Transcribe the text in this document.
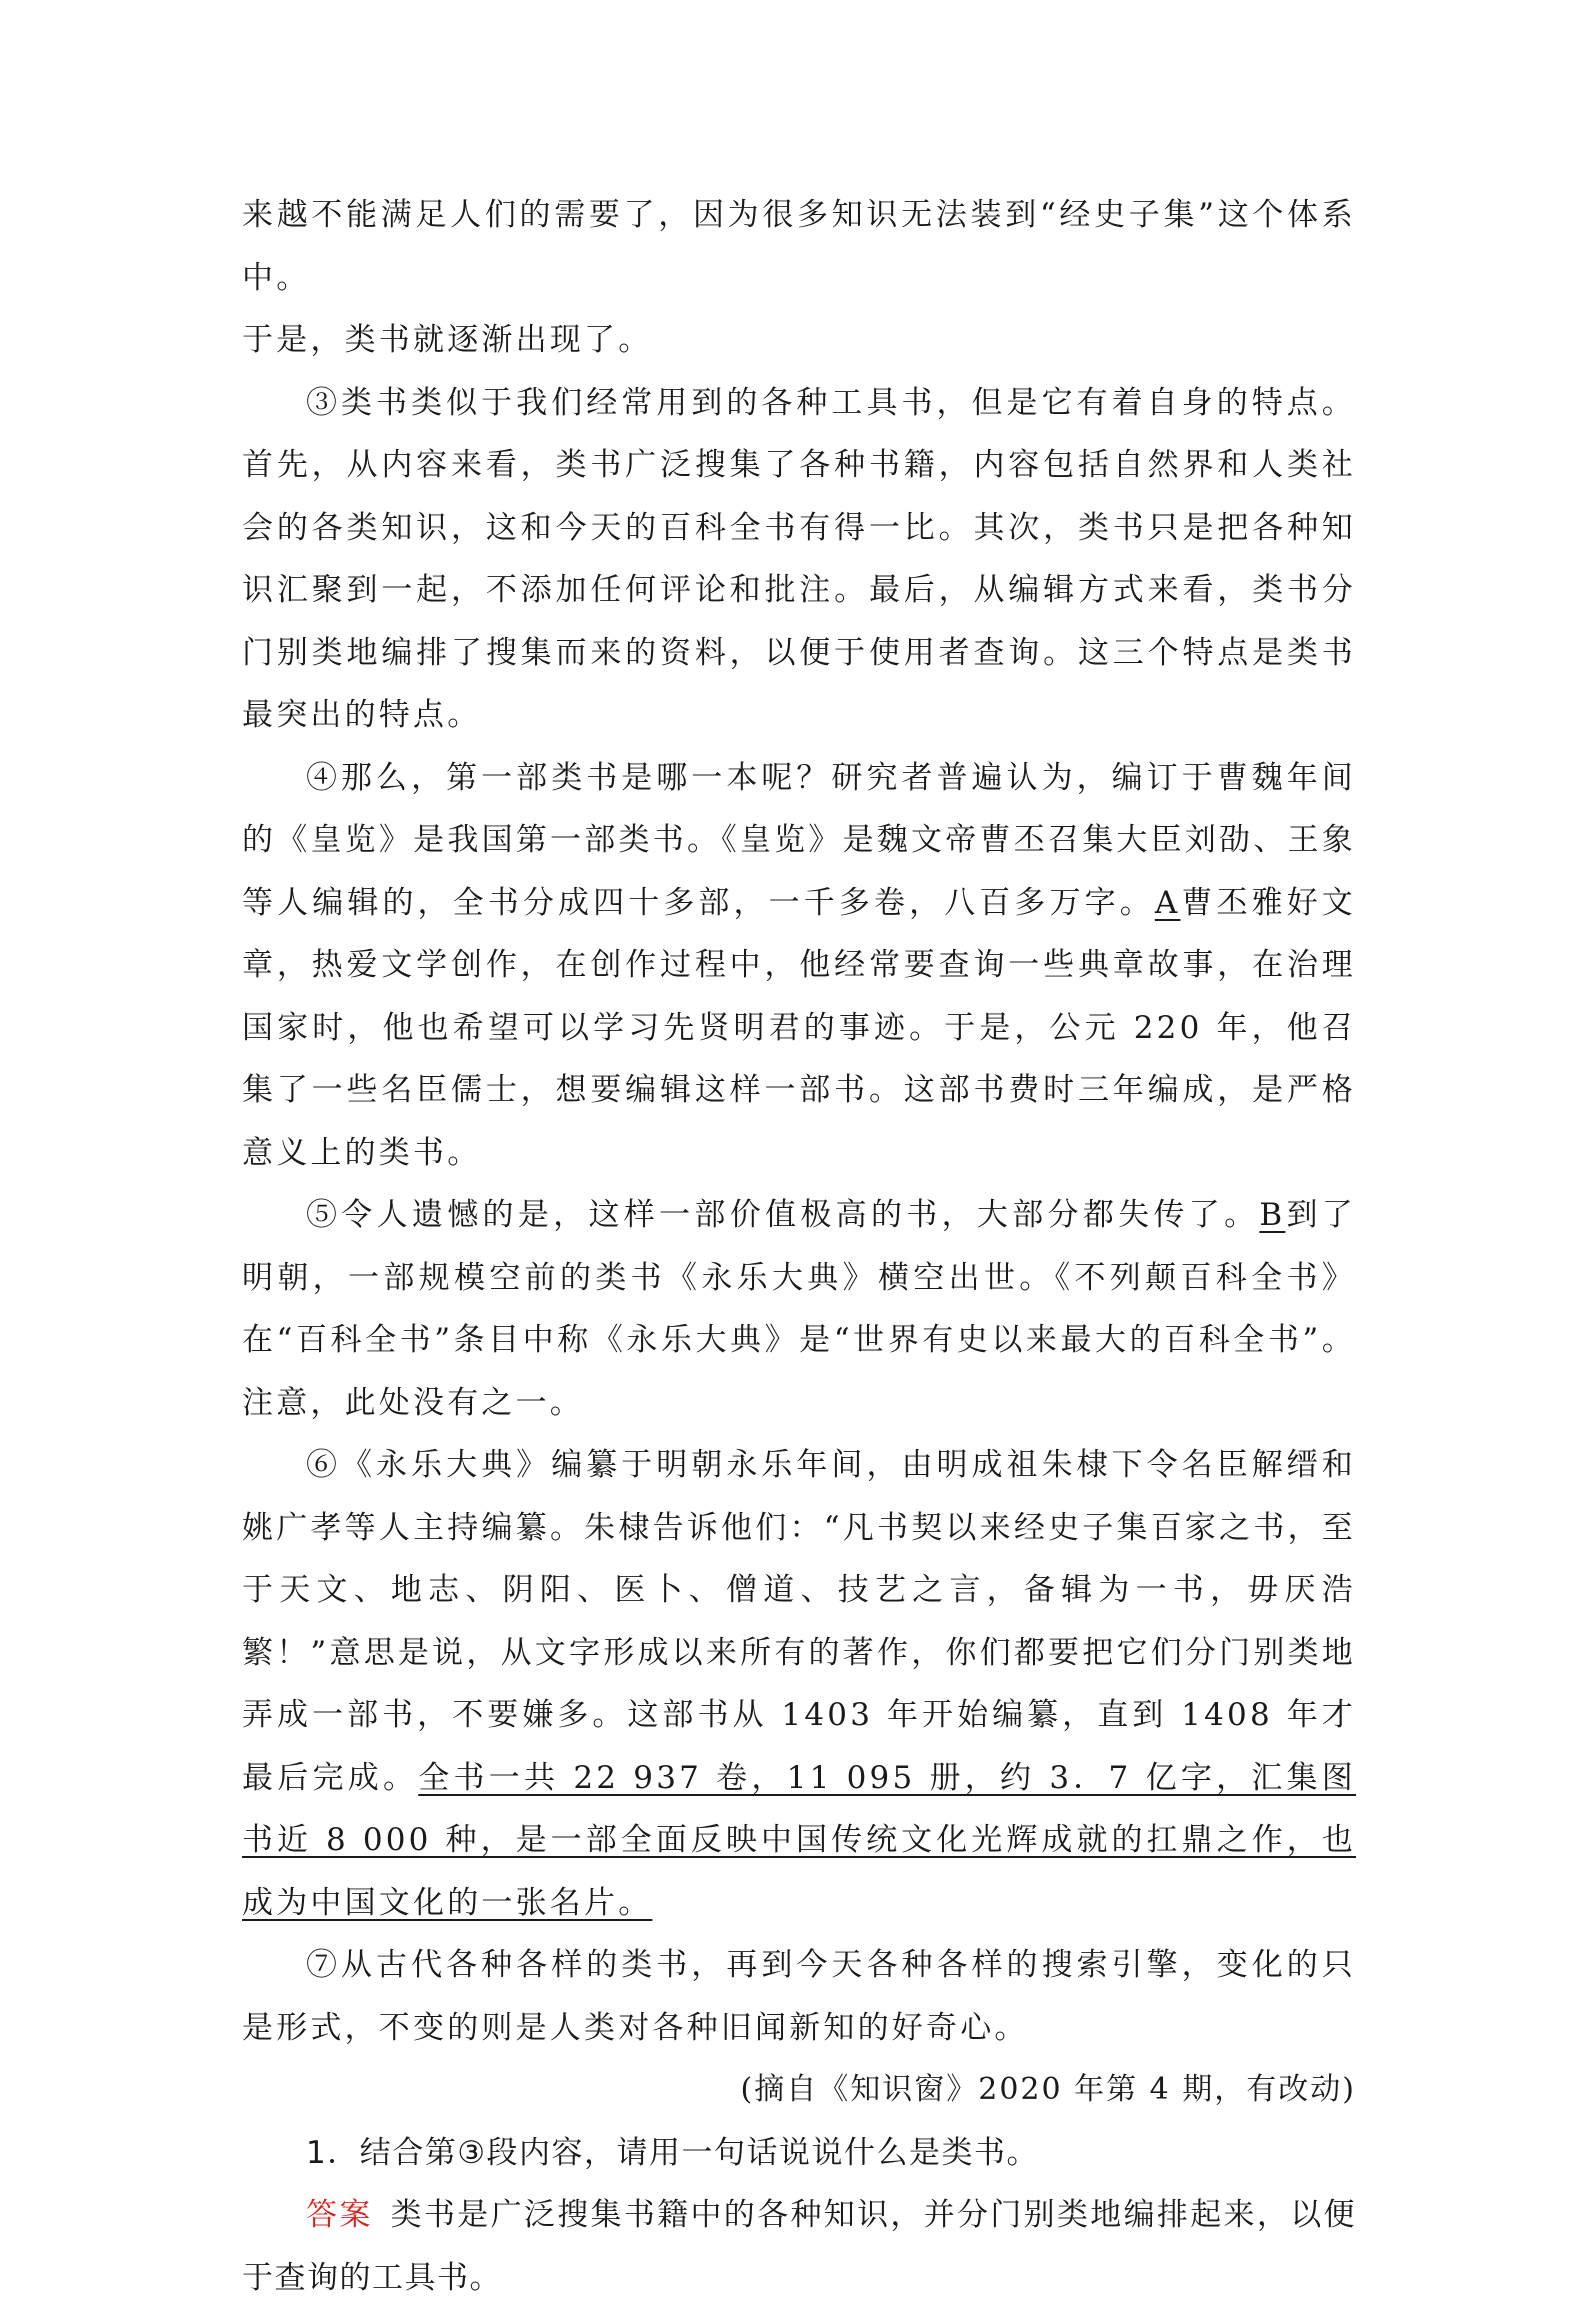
来越不能满足人们的需要了，因为很多知识无法装到“经史子集”这个体系中。
于是，类书就逐渐出现了。

③类书类似于我们经常用到的各种工具书，但是它有着自身的特点。首先，从内容来看，类书广泛搜集了各种书籍，内容包括自然界和人类社会的各类知识，这和今天的百科全书有得一比。其次，类书只是把各种知识汇聚到一起，不添加任何评论和批注。最后，从编辑方式来看，类书分门别类地编排了搜集而来的资料，以便于使用者查询。这三个特点是类书最突出的特点。

④那么，第一部类书是哪一本呢？研究者普遍认为，编订于曹魏年间的《皇览》是我国第一部类书。《皇览》是魏文帝曹丕召集大臣刘劭、王象等人编辑的，全书分成四十多部，一千多卷，八百多万字。A曹丕雅好文章，热爱文学创作，在创作过程中，他经常要查询一些典章故事，在治理国家时，他也希望可以学习先贤明君的事迹。于是，公元 220 年，他召集了一些名臣儒士，想要编辑这样一部书。这部书费时三年编成，是严格意义上的类书。

⑤令人遗憾的是，这样一部价值极高的书，大部分都失传了。B到了明朝，一部规模空前的类书《永乐大典》横空出世。《不列颠百科全书》在“百科全书”条目中称《永乐大典》是“世界有史以来最大的百科全书”。注意，此处没有之一。

⑥《永乐大典》编纂于明朝永乐年间，由明成祖朱棣下令名臣解缙和姚广孝等人主持编纂。朱棣告诉他们：“凡书契以来经史子集百家之书，至于天文、地志、阴阳、医卜、僧道、技艺之言，备辑为一书，毋厌浩繁！”意思是说，从文字形成以来所有的著作，你们都要把它们分门别类地弄成一部书，不要嫌多。这部书从 1403 年开始编纂，直到 1408 年才最后完成。全书一共 22 937 卷，11 095 册，约 3．7 亿字，汇集图书近 8 000 种，是一部全面反映中国传统文化光辉成就的扛鼎之作，也成为中国文化的一张名片。

⑦从古代各种各样的类书，再到今天各种各样的搜索引擎，变化的只是形式，不变的则是人类对各种旧闻新知的好奇心。

(摘自《知识窗》2020 年第 4 期，有改动)

1．结合第③段内容，请用一句话说说什么是类书。

答案 类书是广泛搜集书籍中的各种知识，并分门别类地编排起来，以便于查询的工具书。
